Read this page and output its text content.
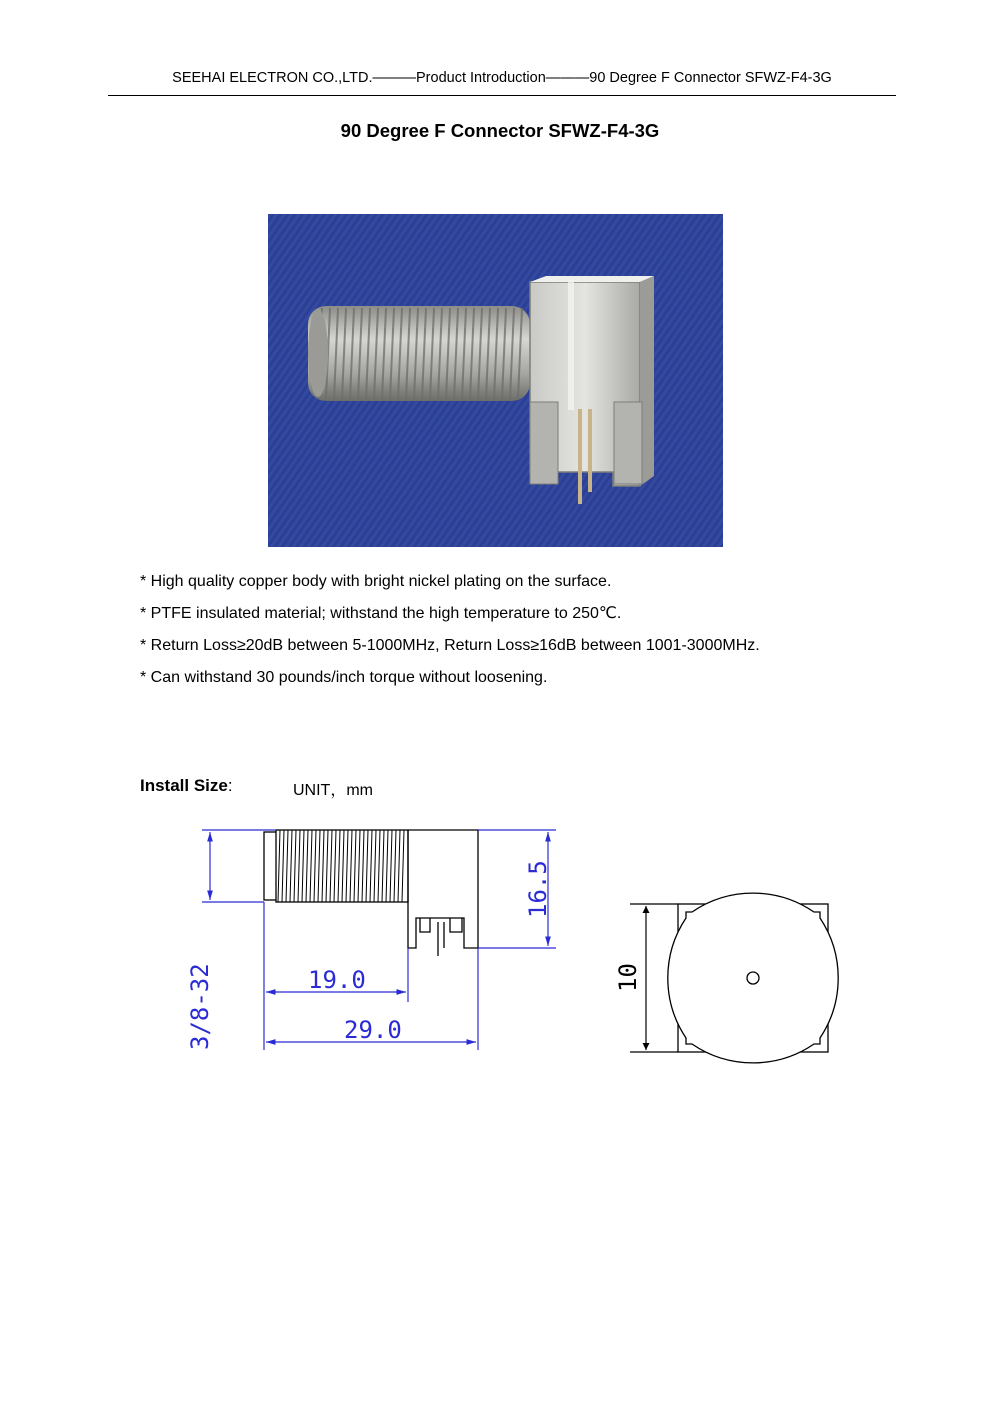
SEEHAI ELECTRON CO.,LTD.———Product Introduction———90 Degree F Connector SFWZ-F4-3G
90 Degree F Connector SFWZ-F4-3G
* High quality copper body with bright nickel plating on the surface.
* PTFE insulated material; withstand the high temperature to 250℃.
* Return Loss≥20dB between 5-1000MHz, Return Loss≥16dB between 1001-3000MHz.
* Can withstand 30 pounds/inch torque without loosening.
Install Size:	UNIT，mm
3/8-32
16.5
19.0
29.0
10
